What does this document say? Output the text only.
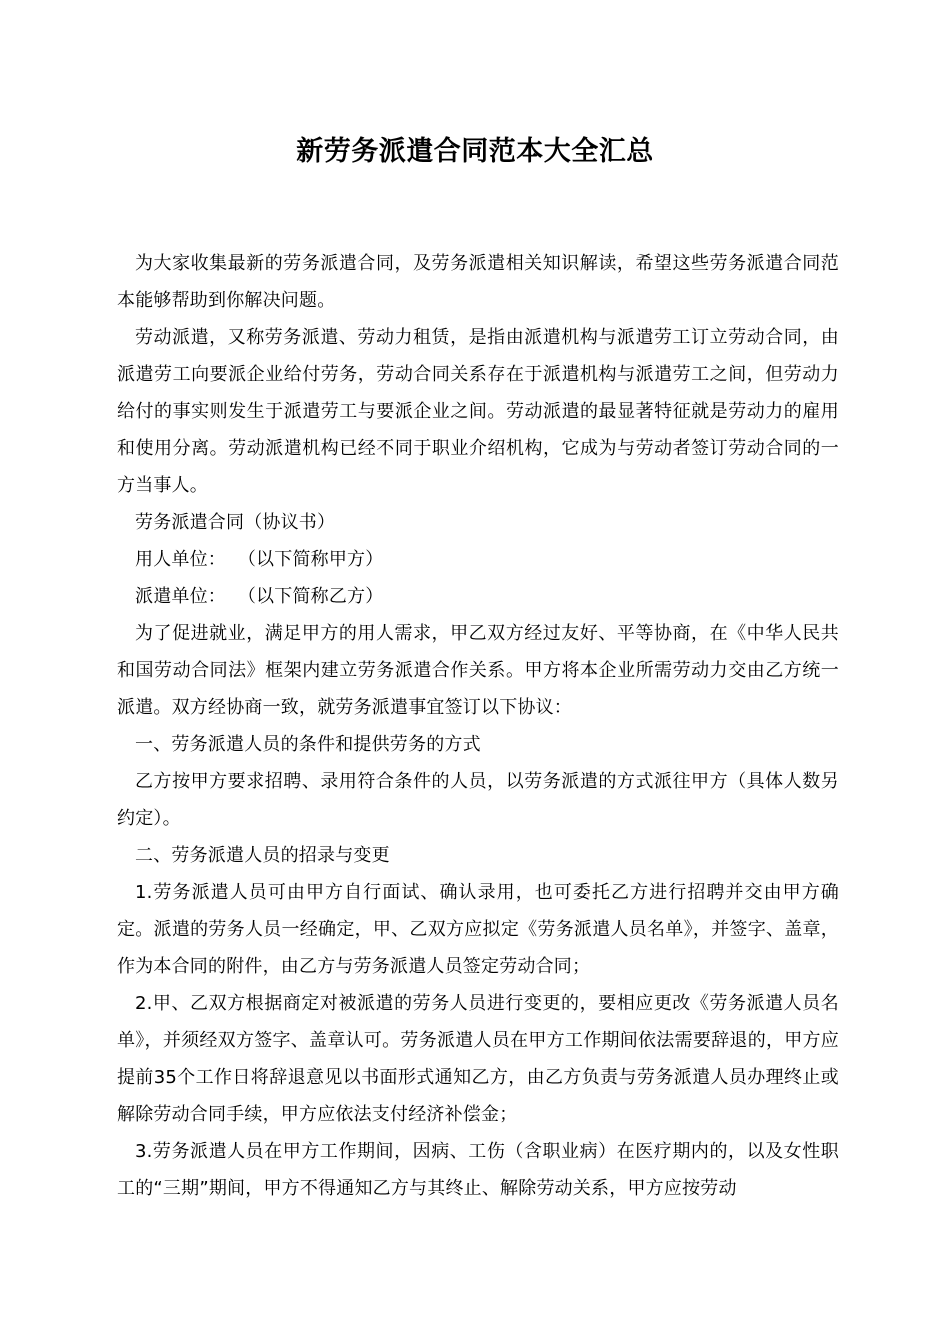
新劳务派遣合同范本大全汇总

为大家收集最新的劳务派遣合同，及劳务派遣相关知识解读，希望这些劳务派遣合同范本能够帮助到你解决问题。

劳动派遣，又称劳务派遣、劳动力租赁，是指由派遣机构与派遣劳工订立劳动合同，由派遣劳工向要派企业给付劳务，劳动合同关系存在于派遣机构与派遣劳工之间，但劳动力给付的事实则发生于派遣劳工与要派企业之间。劳动派遣的最显著特征就是劳动力的雇用和使用分离。劳动派遣机构已经不同于职业介绍机构，它成为与劳动者签订劳动合同的一方当事人。

劳务派遣合同（协议书）

用人单位：  （以下简称甲方）

派遣单位：  （以下简称乙方）

为了促进就业，满足甲方的用人需求，甲乙双方经过友好、平等协商，在《中华人民共和国劳动合同法》框架内建立劳务派遣合作关系。甲方将本企业所需劳动力交由乙方统一派遣。双方经协商一致，就劳务派遣事宜签订以下协议：

一、劳务派遣人员的条件和提供劳务的方式

乙方按甲方要求招聘、录用符合条件的人员，以劳务派遣的方式派往甲方（具体人数另约定）。

二、劳务派遣人员的招录与变更

1.劳务派遣人员可由甲方自行面试、确认录用，也可委托乙方进行招聘并交由甲方确定。派遣的劳务人员一经确定，甲、乙双方应拟定《劳务派遣人员名单》，并签字、盖章，作为本合同的附件，由乙方与劳务派遣人员签定劳动合同；

2.甲、乙双方根据商定对被派遣的劳务人员进行变更的，要相应更改《劳务派遣人员名单》，并须经双方签字、盖章认可。劳务派遣人员在甲方工作期间依法需要辞退的，甲方应提前35个工作日将辞退意见以书面形式通知乙方，由乙方负责与劳务派遣人员办理终止或解除劳动合同手续，甲方应依法支付经济补偿金；

3.劳务派遣人员在甲方工作期间，因病、工伤（含职业病）在医疗期内的，以及女性职工的“三期”期间，甲方不得通知乙方与其终止、解除劳动关系，甲方应按劳动
